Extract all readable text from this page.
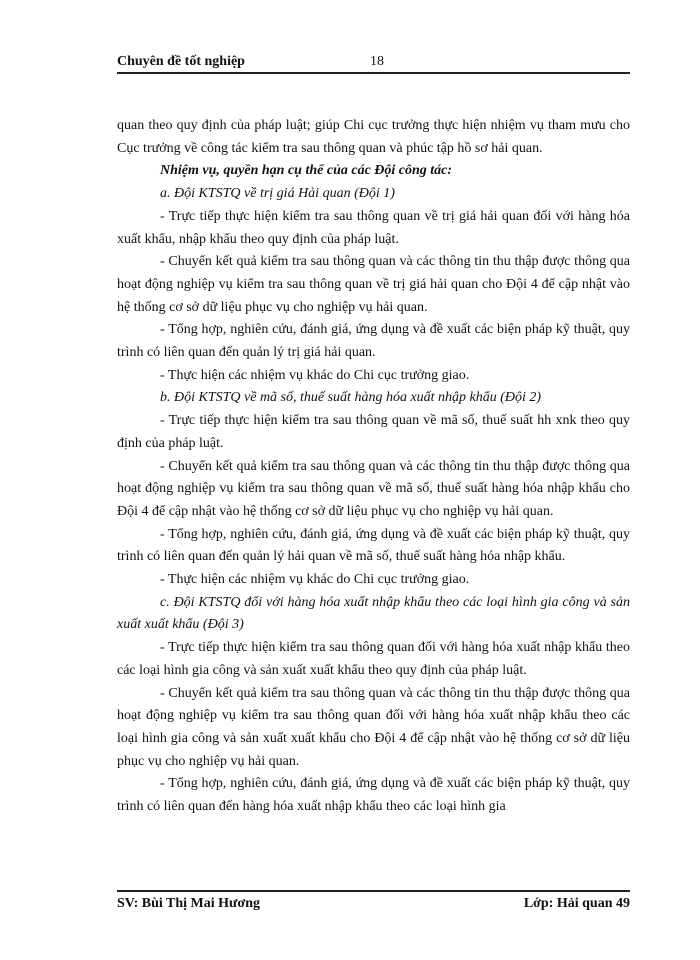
Chuyên đề tốt nghiệp	18

quan theo quy định của pháp luật; giúp Chi cục trưởng thực hiện nhiệm vụ tham mưu cho Cục trưởng về công tác kiểm tra sau thông quan và phúc tập hồ sơ hải quan.

Nhiệm vụ, quyền hạn cụ thể của các Đội công tác:

a. Đội KTSTQ về trị giá Hải quan (Đội 1)

- Trực tiếp thực hiện kiểm tra sau thông quan về trị giá hải quan đối với hàng hóa xuất khẩu, nhập khẩu theo quy định của pháp luật.

- Chuyển kết quả kiểm tra sau thông quan và các thông tin thu thập được thông qua hoạt động nghiệp vụ kiểm tra sau thông quan về trị giá hải quan cho Đội 4 để cập nhật vào hệ thống cơ sở dữ liệu phục vụ cho nghiệp vụ hải quan.

- Tổng hợp, nghiên cứu, đánh giá, ứng dụng và đề xuất các biện pháp kỹ thuật, quy trình có liên quan đến quản lý trị giá hải quan.

- Thực hiện các nhiệm vụ khác do Chi cục trưởng giao.

b. Đội KTSTQ về mã số, thuế suất hàng hóa xuất nhập khẩu (Đội 2)

- Trực tiếp thực hiện kiểm tra sau thông quan về mã số, thuế suất hh xnk theo quy định của pháp luật.

- Chuyển kết quả kiểm tra sau thông quan và các thông tin thu thập được thông qua hoạt động nghiệp vụ kiểm tra sau thông quan về mã số, thuế suất hàng hóa nhập khẩu cho Đội 4 để cập nhật vào hệ thống cơ sở dữ liệu phục vụ cho nghiệp vụ hải quan.

- Tổng hợp, nghiên cứu, đánh giá, ứng dụng và đề xuất các biện pháp kỹ thuật, quy trình có liên quan đến quản lý hải quan về mã số, thuế suất hàng hóa nhập khẩu.

- Thực hiện các nhiệm vụ khác do Chi cục trưởng giao.

c. Đội KTSTQ đối với hàng hóa xuất nhập khẩu theo các loại hình gia công và sản xuất xuất khẩu (Đội 3)

- Trực tiếp thực hiện kiểm tra sau thông quan đối với hàng hóa xuất nhập khẩu theo các loại hình gia công và sản xuất xuất khẩu theo quy định của pháp luật.

- Chuyển kết quả kiểm tra sau thông quan và các thông tin thu thập được thông qua hoạt động nghiệp vụ kiểm tra sau thông quan đối với hàng hóa xuất nhập khẩu theo các loại hình gia công và sản xuất xuất khẩu cho Đội 4 để cập nhật vào hệ thống cơ sở dữ liệu phục vụ cho nghiệp vụ hải quan.

- Tổng hợp, nghiên cứu, đánh giá, ứng dụng và đề xuất các biện pháp kỹ thuật, quy trình có liên quan đến hàng hóa xuất nhập khẩu theo các loại hình gia

SV: Bùi Thị Mai Hương	Lớp: Hải quan 49
